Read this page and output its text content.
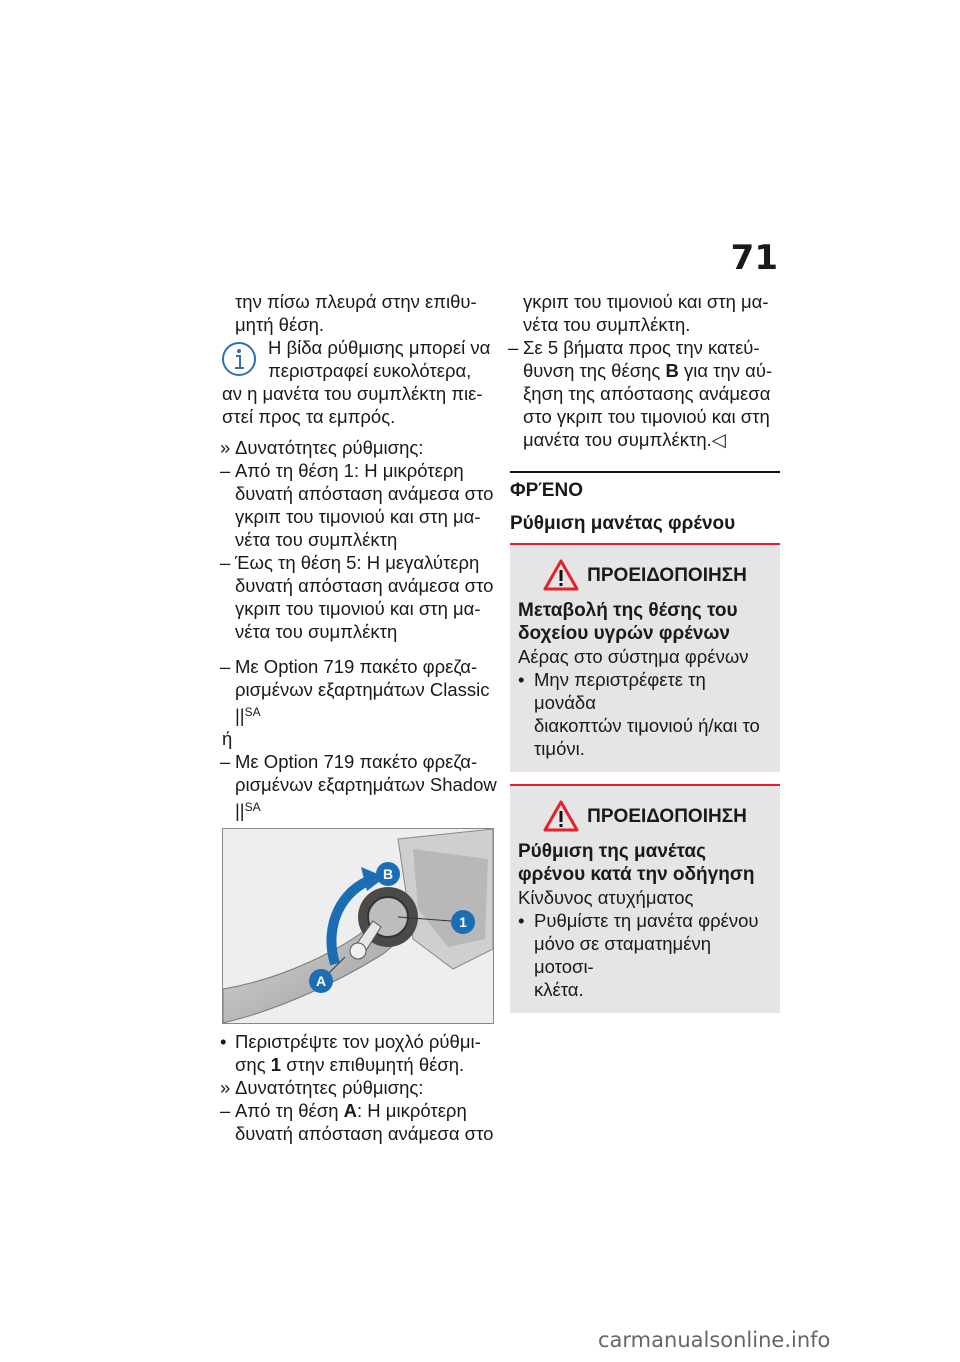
71

την πίσω πλευρά στην επιθυ-

μητή θέση.

Η βίδα ρύθμισης μπορεί να

περιστραφεί ευκολότερα,

αν η μανέτα του συμπλέκτη πιε-

στεί προς τα εμπρός.

» Δυνατότητες ρύθμισης:
– Από τη θέση 1: Η μικρότερη

δυνατή απόσταση ανάμεσα στο

γκριπ του τιμονιού και στη μα-

νέτα του συμπλέκτη

– Έως τη θέση 5: Η μεγαλύτερη

δυνατή απόσταση ανάμεσα στο

γκριπ του τιμονιού και στη μα-

νέτα του συμπλέκτη

– Με Option 719 πακέτο φρεζα-

ρισμένων εξαρτημάτων Classic

$||^{SA}$

ή

– Με Option 719 πακέτο φρεζα-

ρισμένων εξαρτημάτων Shadow

$||^{SA}$

A
B
1
• Περιστρέψτε τον μοχλό ρύθμι-

σης 1 στην επιθυμητή θέση.

» Δυνατότητες ρύθμισης:
– Από τη θέση A: Η μικρότερη

δυνατή απόσταση ανάμεσα στο

γκριπ του τιμονιού και στη μα-

νέτα του συμπλέκτη.

– Σε 5 βήματα προς την κατεύ-

θυνση της θέσης B για την αύ-

ξηση της απόστασης ανάμεσα

στο γκριπ του τιμονιού και στη

μανέτα του συμπλέκτη.◁

ΦΡΈΝΟ

Ρύθμιση μανέτας φρένου

ΠΡΟΕΙΔΟΠΟΙΗΣΗ

Μεταβολή της θέσης του

δοχείου υγρών φρένων

Αέρας στο σύστημα φρένων

• Μην περιστρέφετε τη μονάδα

διακοπτών τιμονιού ή/και το

τιμόνι.

ΠΡΟΕΙΔΟΠΟΙΗΣΗ

Ρύθμιση της μανέτας

φρένου κατά την οδήγηση

Κίνδυνος ατυχήματος

• Ρυθμίστε τη μανέτα φρένου

μόνο σε σταματημένη μοτοσι-

κλέτα.

carmanualsonline.info
